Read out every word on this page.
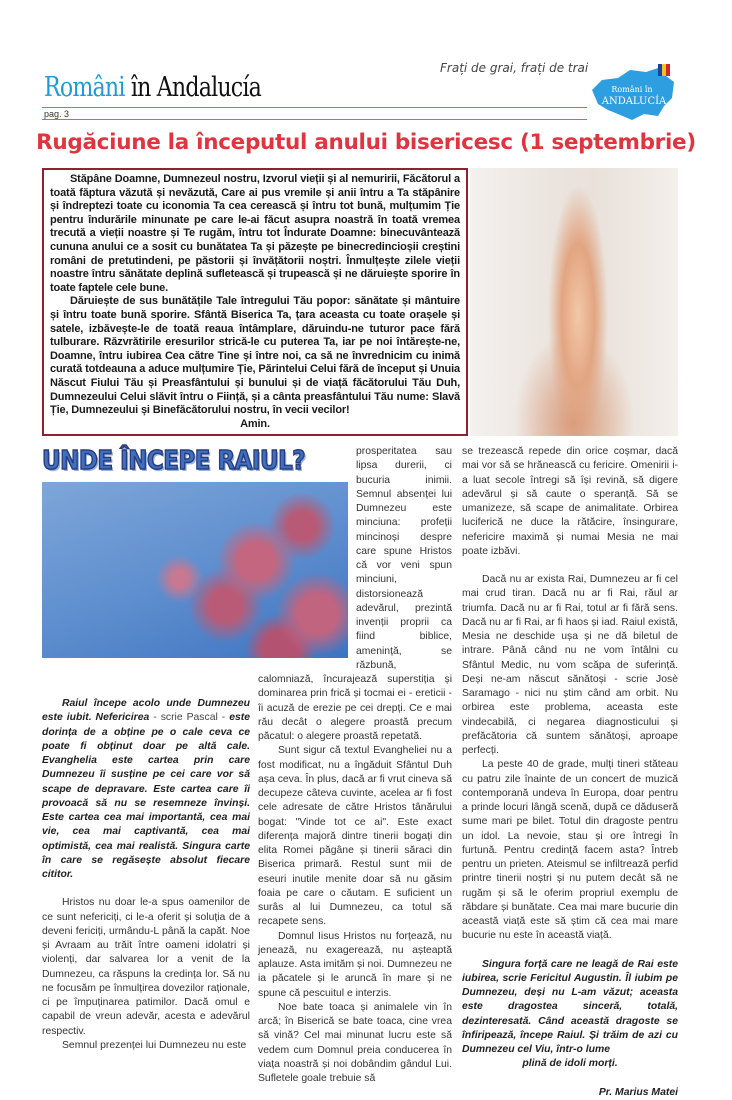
Români în Andalucía
pag. 3
Frați de grai, frați de trai
Români în
ANDALUCÍA
Rugăciune la începutul anului bisericesc (1 septembrie)

Stăpâne Doamne, Dumnezeul nostru, Izvorul vieții și al nemuririi, Făcătorul a toată făptura văzută și nevăzută, Care ai pus vremile și anii întru a Ta stăpânire și îndreptezi toate cu iconomia Ta cea cerească și întru tot bună, mulțumim Ție pentru îndurările minunate pe care le-ai făcut asupra noastră în toată vremea trecută a vieții noastre și Te rugăm, întru tot Îndurate Doamne: binecuvântează cununa anului ce a sosit cu bunătatea Ta și păzește pe binecredincioșii creștini români de pretutindeni, pe păstorii și învățătorii noștri. Înmulțește zilele vieții noastre întru sănătate deplină sufletească și trupească și ne dăruiește sporire în toate faptele cele bune.

Dăruiește de sus bunătățile Tale întregului Tău popor: sănătate și mântuire și întru toate bună sporire. Sfântă Biserica Ta, țara aceasta cu toate orașele și satele, izbăvește-le de toată reaua întâmplare, dăruindu-ne tuturor pace fără tulburare. Răzvrătirile eresurilor strică-le cu puterea Ta, iar pe noi întărește-ne, Doamne, întru iubirea Cea către Tine și între noi, ca să ne învrednicim cu inimă curată totdeauna a aduce mulțumire Ție, Părintelui Celui fără de început și Unuia Născut Fiului Tău și Preasfântului și bunului și de viață făcătorului Tău Duh, Dumnezeului Celui slăvit întru o Ființă, și a cânta preasfântului Tău nume: Slavă Ție, Dumnezeului și Binefăcătorului nostru, în vecii vecilor!

Amin.

UNDE ÎNCEPE RAIUL?

Raiul începe acolo unde Dumnezeu este iubit. Nefericirea - scrie Pascal - este dorința de a obține pe o cale ceva ce poate fi obținut doar pe altă cale. Evanghelia este cartea prin care Dumnezeu îi susține pe cei care vor să scape de depravare. Este cartea care îi provoacă să nu se resemneze învinși. Este cartea cea mai importantă, cea mai vie, cea mai captivantă, cea mai optimistă, cea mai realistă. Singura carte în care se regăsește absolut fiecare cititor.

Hristos nu doar le-a spus oamenilor de ce sunt nefericiți, ci le-a oferit și soluția de a deveni fericiți, urmându-L până la capăt. Noe și Avraam au trăit între oameni idolatri și violenți, dar salvarea lor a venit de la Dumnezeu, ca răspuns la credința lor. Să nu ne focusăm pe înmulțirea dovezilor raționale, ci pe împuținarea patimilor. Dacă omul e capabil de vreun adevăr, acesta e adevărul respectiv.

Semnul prezenței lui Dumnezeu nu este

prosperitatea sau lipsa durerii, ci bucuria inimii. Semnul absenței lui Dumnezeu este minciuna: profeții mincinoși despre care spune Hristos că vor veni spun minciuni, distorsionează adevărul, prezintă invenții proprii ca fiind biblice, amenință, se răzbună, calomniază, încurajează superstiția și dominarea prin frică și tocmai ei - ereticii - îi acuză de erezie pe cei drepți. Ce e mai rău decât o alegere proastă precum păcatul: o alegere proastă repetată.

Sunt sigur că textul Evangheliei nu a fost modificat, nu a îngăduit Sfântul Duh așa ceva. În plus, dacă ar fi vrut cineva să decupeze câteva cuvinte, acelea ar fi fost cele adresate de către Hristos tânărului bogat: "Vinde tot ce ai". Este exact diferența majoră dintre tinerii bogați din elita Romei păgâne și tinerii săraci din Biserica primară. Restul sunt mii de eseuri inutile menite doar să nu găsim foaia pe care o căutam. E suficient un surâs al lui Dumnezeu, ca totul să recapete sens.

Domnul Iisus Hristos nu forțează, nu jenează, nu exagerează, nu așteaptă aplauze. Asta imităm și noi. Dumnezeu ne ia păcatele și le aruncă în mare și ne spune că pescuitul e interzis.

Noe bate toaca și animalele vin în arcă; în Biserică se bate toaca, cine vrea să vină? Cel mai minunat lucru este să vedem cum Domnul preia conducerea în viața noastră și noi dobândim gândul Lui. Sufletele goale trebuie să

se trezească repede din orice coșmar, dacă mai vor să se hrănească cu fericire. Omenirii i-a luat secole întregi să își revină, să digere adevărul și să caute o speranță. Să se umanizeze, să scape de animalitate. Orbirea luciferică ne duce la rătăcire, însingurare, nefericire maximă și numai Mesia ne mai poate izbăvi.

Dacă nu ar exista Rai, Dumnezeu ar fi cel mai crud tiran. Dacă nu ar fi Rai, răul ar triumfa. Dacă nu ar fi Rai, totul ar fi fără sens. Dacă nu ar fi Rai, ar fi haos și iad. Raiul există, Mesia ne deschide ușa și ne dă biletul de intrare. Până când nu ne vom întâlni cu Sfântul Medic, nu vom scăpa de suferință. Deși ne-am născut sănătoși - scrie Josè Saramago - nici nu știm când am orbit. Nu orbirea este problema, aceasta este vindecabilă, ci negarea diagnosticului și prefăcătoria că suntem sănătoși, aproape perfecți.

La peste 40 de grade, mulți tineri stăteau cu patru zile înainte de un concert de muzică contemporană undeva în Europa, doar pentru a prinde locuri lângă scenă, după ce dăduseră sume mari pe bilet. Totul din dragoste pentru un idol. La nevoie, stau și ore întregi în furtună. Pentru credință facem asta? Întreb pentru un prieten. Ateismul se infiltrează perfid printre tinerii noștri și nu putem decât să ne rugăm și să le oferim propriul exemplu de răbdare și bunătate. Cea mai mare bucurie din această viață este să știm că cea mai mare bucurie nu este în această viață.

Singura forță care ne leagă de Rai este iubirea, scrie Fericitul Augustin. Îl iubim pe Dumnezeu, deși nu L-am văzut; aceasta este dragostea sinceră, totală, dezinteresată. Când această dragoste se înfiripează, începe Raiul. Și trăim de azi cu Dumnezeu cel Viu, într-o lume

plină de idoli morți.

Pr. Marius Matei
